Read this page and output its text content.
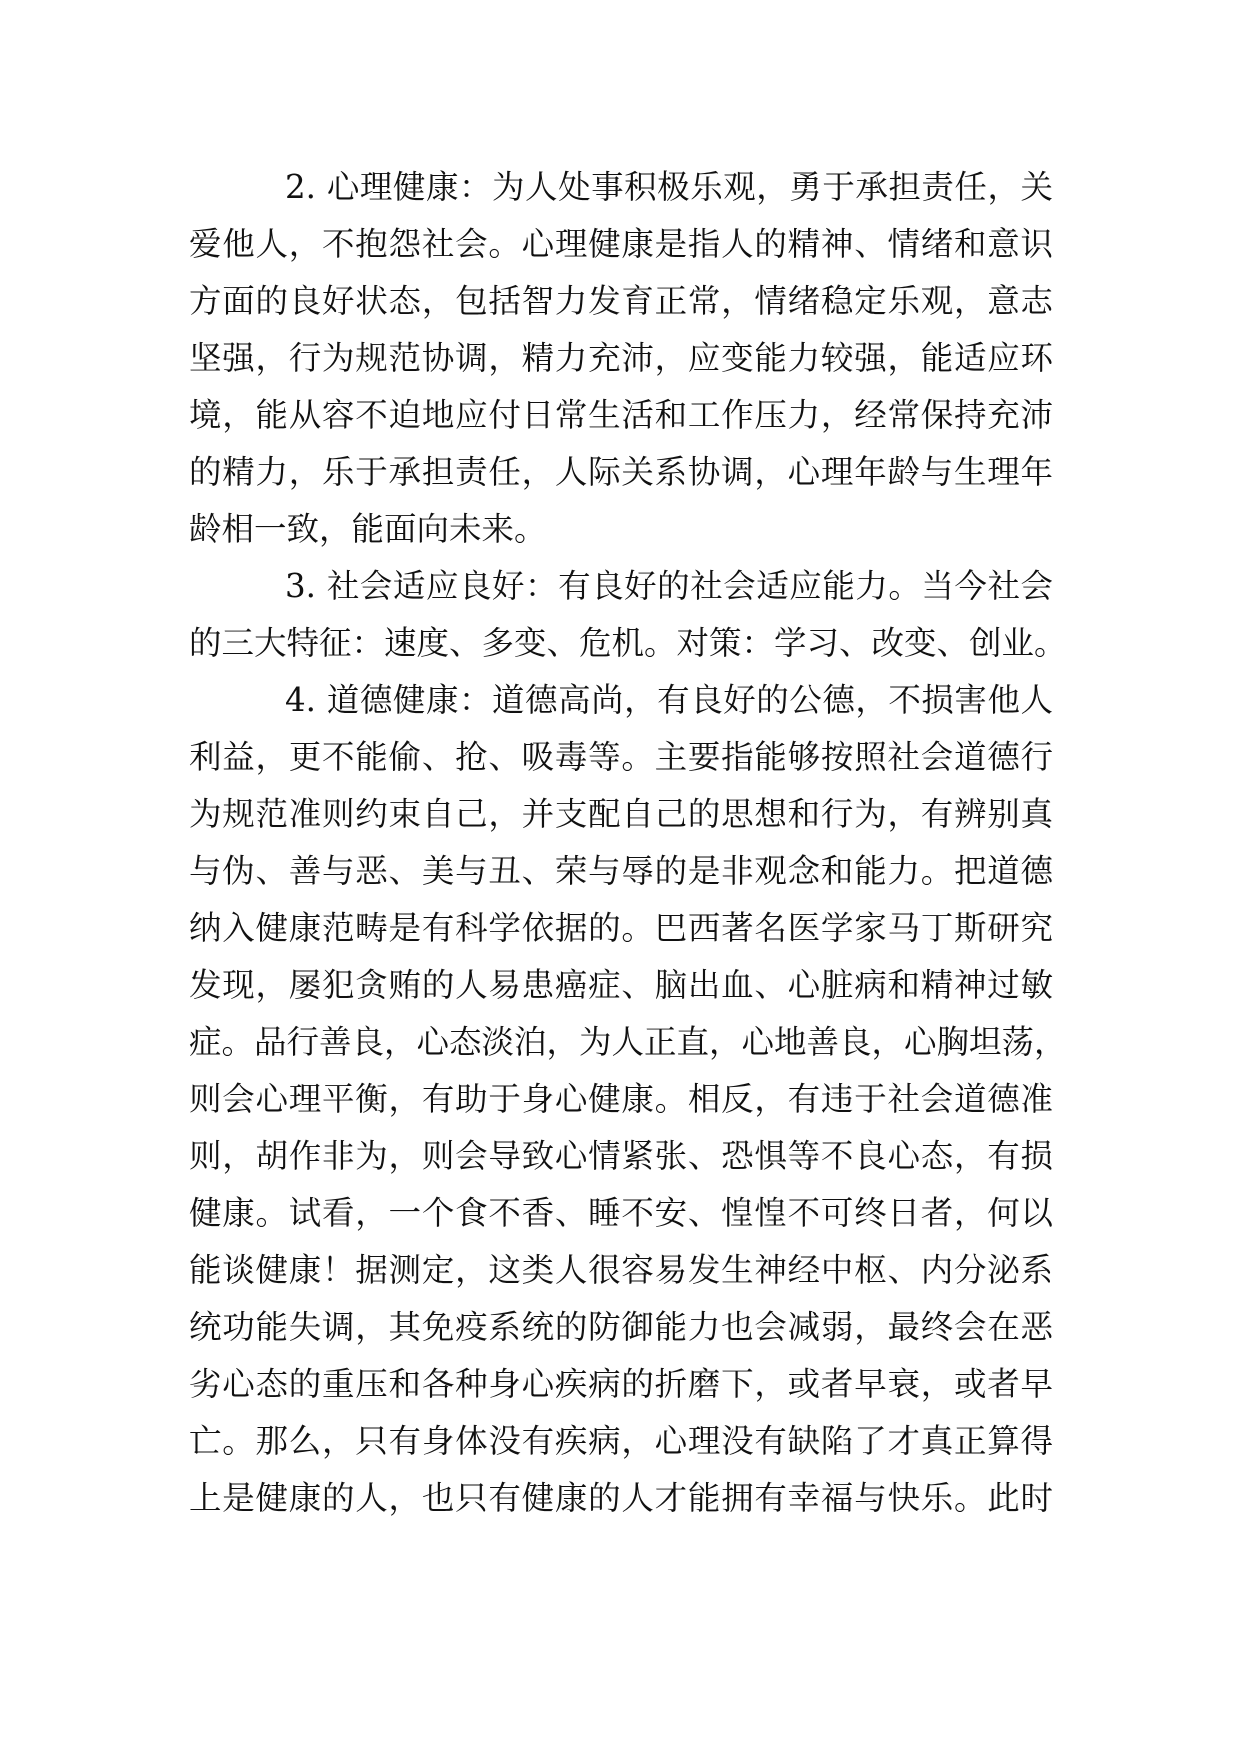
2. 心理健康：为人处事积极乐观，勇于承担责任，关
爱他人，不抱怨社会。心理健康是指人的精神、情绪和意识
方面的良好状态，包括智力发育正常，情绪稳定乐观，意志
坚强，行为规范协调，精力充沛，应变能力较强，能适应环
境，能从容不迫地应付日常生活和工作压力，经常保持充沛
的精力，乐于承担责任，人际关系协调，心理年龄与生理年
龄相一致，能面向未来。
3. 社会适应良好：有良好的社会适应能力。当今社会
的三大特征：速度、多变、危机。对策：学习、改变、创业。
4. 道德健康：道德高尚，有良好的公德，不损害他人
利益，更不能偷、抢、吸毒等。主要指能够按照社会道德行
为规范准则约束自己，并支配自己的思想和行为，有辨别真
与伪、善与恶、美与丑、荣与辱的是非观念和能力。把道德
纳入健康范畴是有科学依据的。巴西著名医学家马丁斯研究
发现，屡犯贪贿的人易患癌症、脑出血、心脏病和精神过敏
症。品行善良，心态淡泊，为人正直，心地善良，心胸坦荡，
则会心理平衡，有助于身心健康。相反，有违于社会道德准
则，胡作非为，则会导致心情紧张、恐惧等不良心态，有损
健康。试看，一个食不香、睡不安、惶惶不可终日者，何以
能谈健康！据测定，这类人很容易发生神经中枢、内分泌系
统功能失调，其免疫系统的防御能力也会减弱，最终会在恶
劣心态的重压和各种身心疾病的折磨下，或者早衰，或者早
亡。那么，只有身体没有疾病，心理没有缺陷了才真正算得
上是健康的人，也只有健康的人才能拥有幸福与快乐。此时
